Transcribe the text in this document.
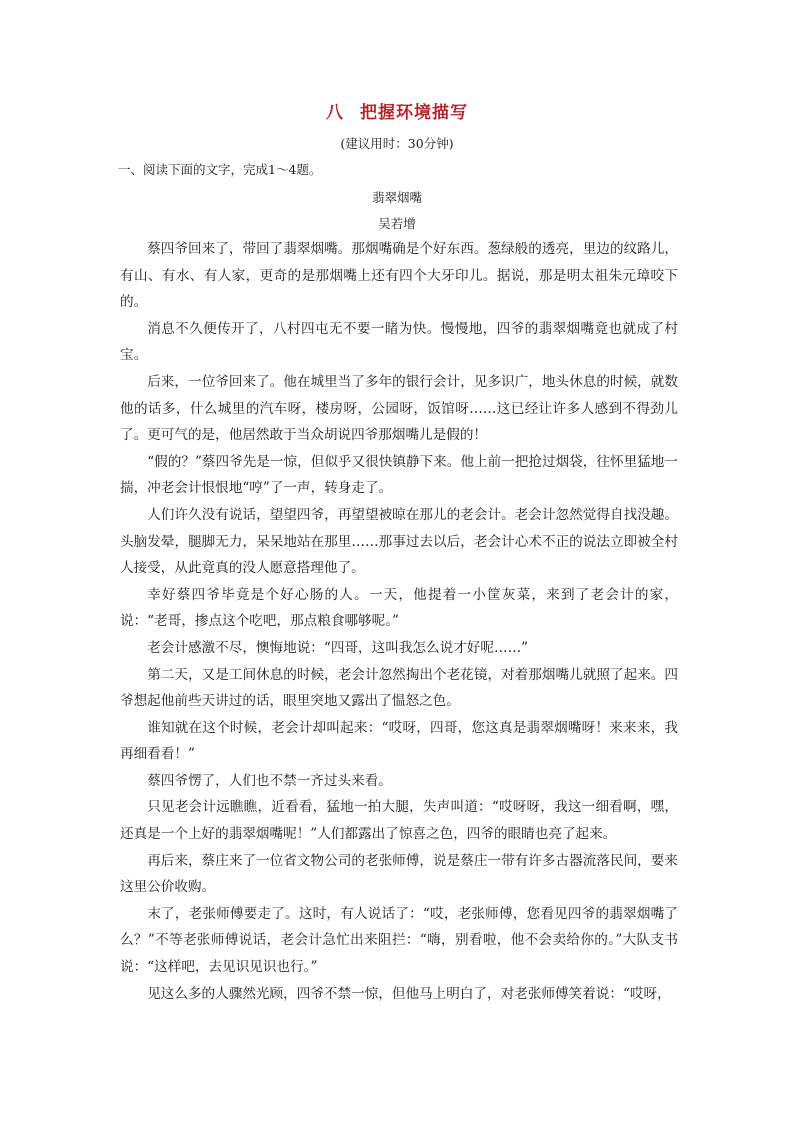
八 把握环境描写
(建议用时：30分钟)
一、阅读下面的文字，完成1～4题。
翡翠烟嘴
吴若增

蔡四爷回来了，带回了翡翠烟嘴。那烟嘴确是个好东西。葱绿般的透亮，里边的纹路儿，有山、有水、有人家，更奇的是那烟嘴上还有四个大牙印儿。据说，那是明太祖朱元璋咬下的。

消息不久便传开了，八村四屯无不要一睹为快。慢慢地，四爷的翡翠烟嘴竟也就成了村宝。

后来，一位爷回来了。他在城里当了多年的银行会计，见多识广，地头休息的时候，就数他的话多，什么城里的汽车呀，楼房呀，公园呀，饭馆呀……这已经让许多人感到不得劲儿了。更可气的是，他居然敢于当众胡说四爷那烟嘴儿是假的！

“假的？”蔡四爷先是一惊，但似乎又很快镇静下来。他上前一把抢过烟袋，往怀里猛地一揣，冲老会计恨恨地“哼”了一声，转身走了。

人们许久没有说话，望望四爷，再望望被晾在那儿的老会计。老会计忽然觉得自找没趣。头脑发晕，腿脚无力，呆呆地站在那里……那事过去以后，老会计心术不正的说法立即被全村人接受，从此竟真的没人愿意搭理他了。

幸好蔡四爷毕竟是个好心肠的人。一天，他提着一小筐灰菜，来到了老会计的家，说：“老哥，掺点这个吃吧，那点粮食哪够呢。”

老会计感激不尽，懊悔地说：“四哥，这叫我怎么说才好呢……”

第二天，又是工间休息的时候，老会计忽然掏出个老花镜，对着那烟嘴儿就照了起来。四爷想起他前些天讲过的话，眼里突地又露出了愠怒之色。

谁知就在这个时候，老会计却叫起来：“哎呀，四哥，您这真是翡翠烟嘴呀！来来来，我再细看看！”

蔡四爷愣了，人们也不禁一齐过头来看。

只见老会计远瞧瞧，近看看，猛地一拍大腿，失声叫道：“哎呀呀，我这一细看啊，嘿，还真是一个上好的翡翠烟嘴呢！”人们都露出了惊喜之色，四爷的眼睛也亮了起来。

再后来，蔡庄来了一位省文物公司的老张师傅，说是蔡庄一带有许多古器流落民间，要来这里公价收购。

末了，老张师傅要走了。这时，有人说话了：“哎，老张师傅，您看见四爷的翡翠烟嘴了么？”不等老张师傅说话，老会计急忙出来阻拦：“嗨，别看啦，他不会卖给你的。”大队支书说：“这样吧，去见识见识也行。”

见这么多的人骤然光顾，四爷不禁一惊，但他马上明白了，对老张师傅笑着说：“哎呀，
